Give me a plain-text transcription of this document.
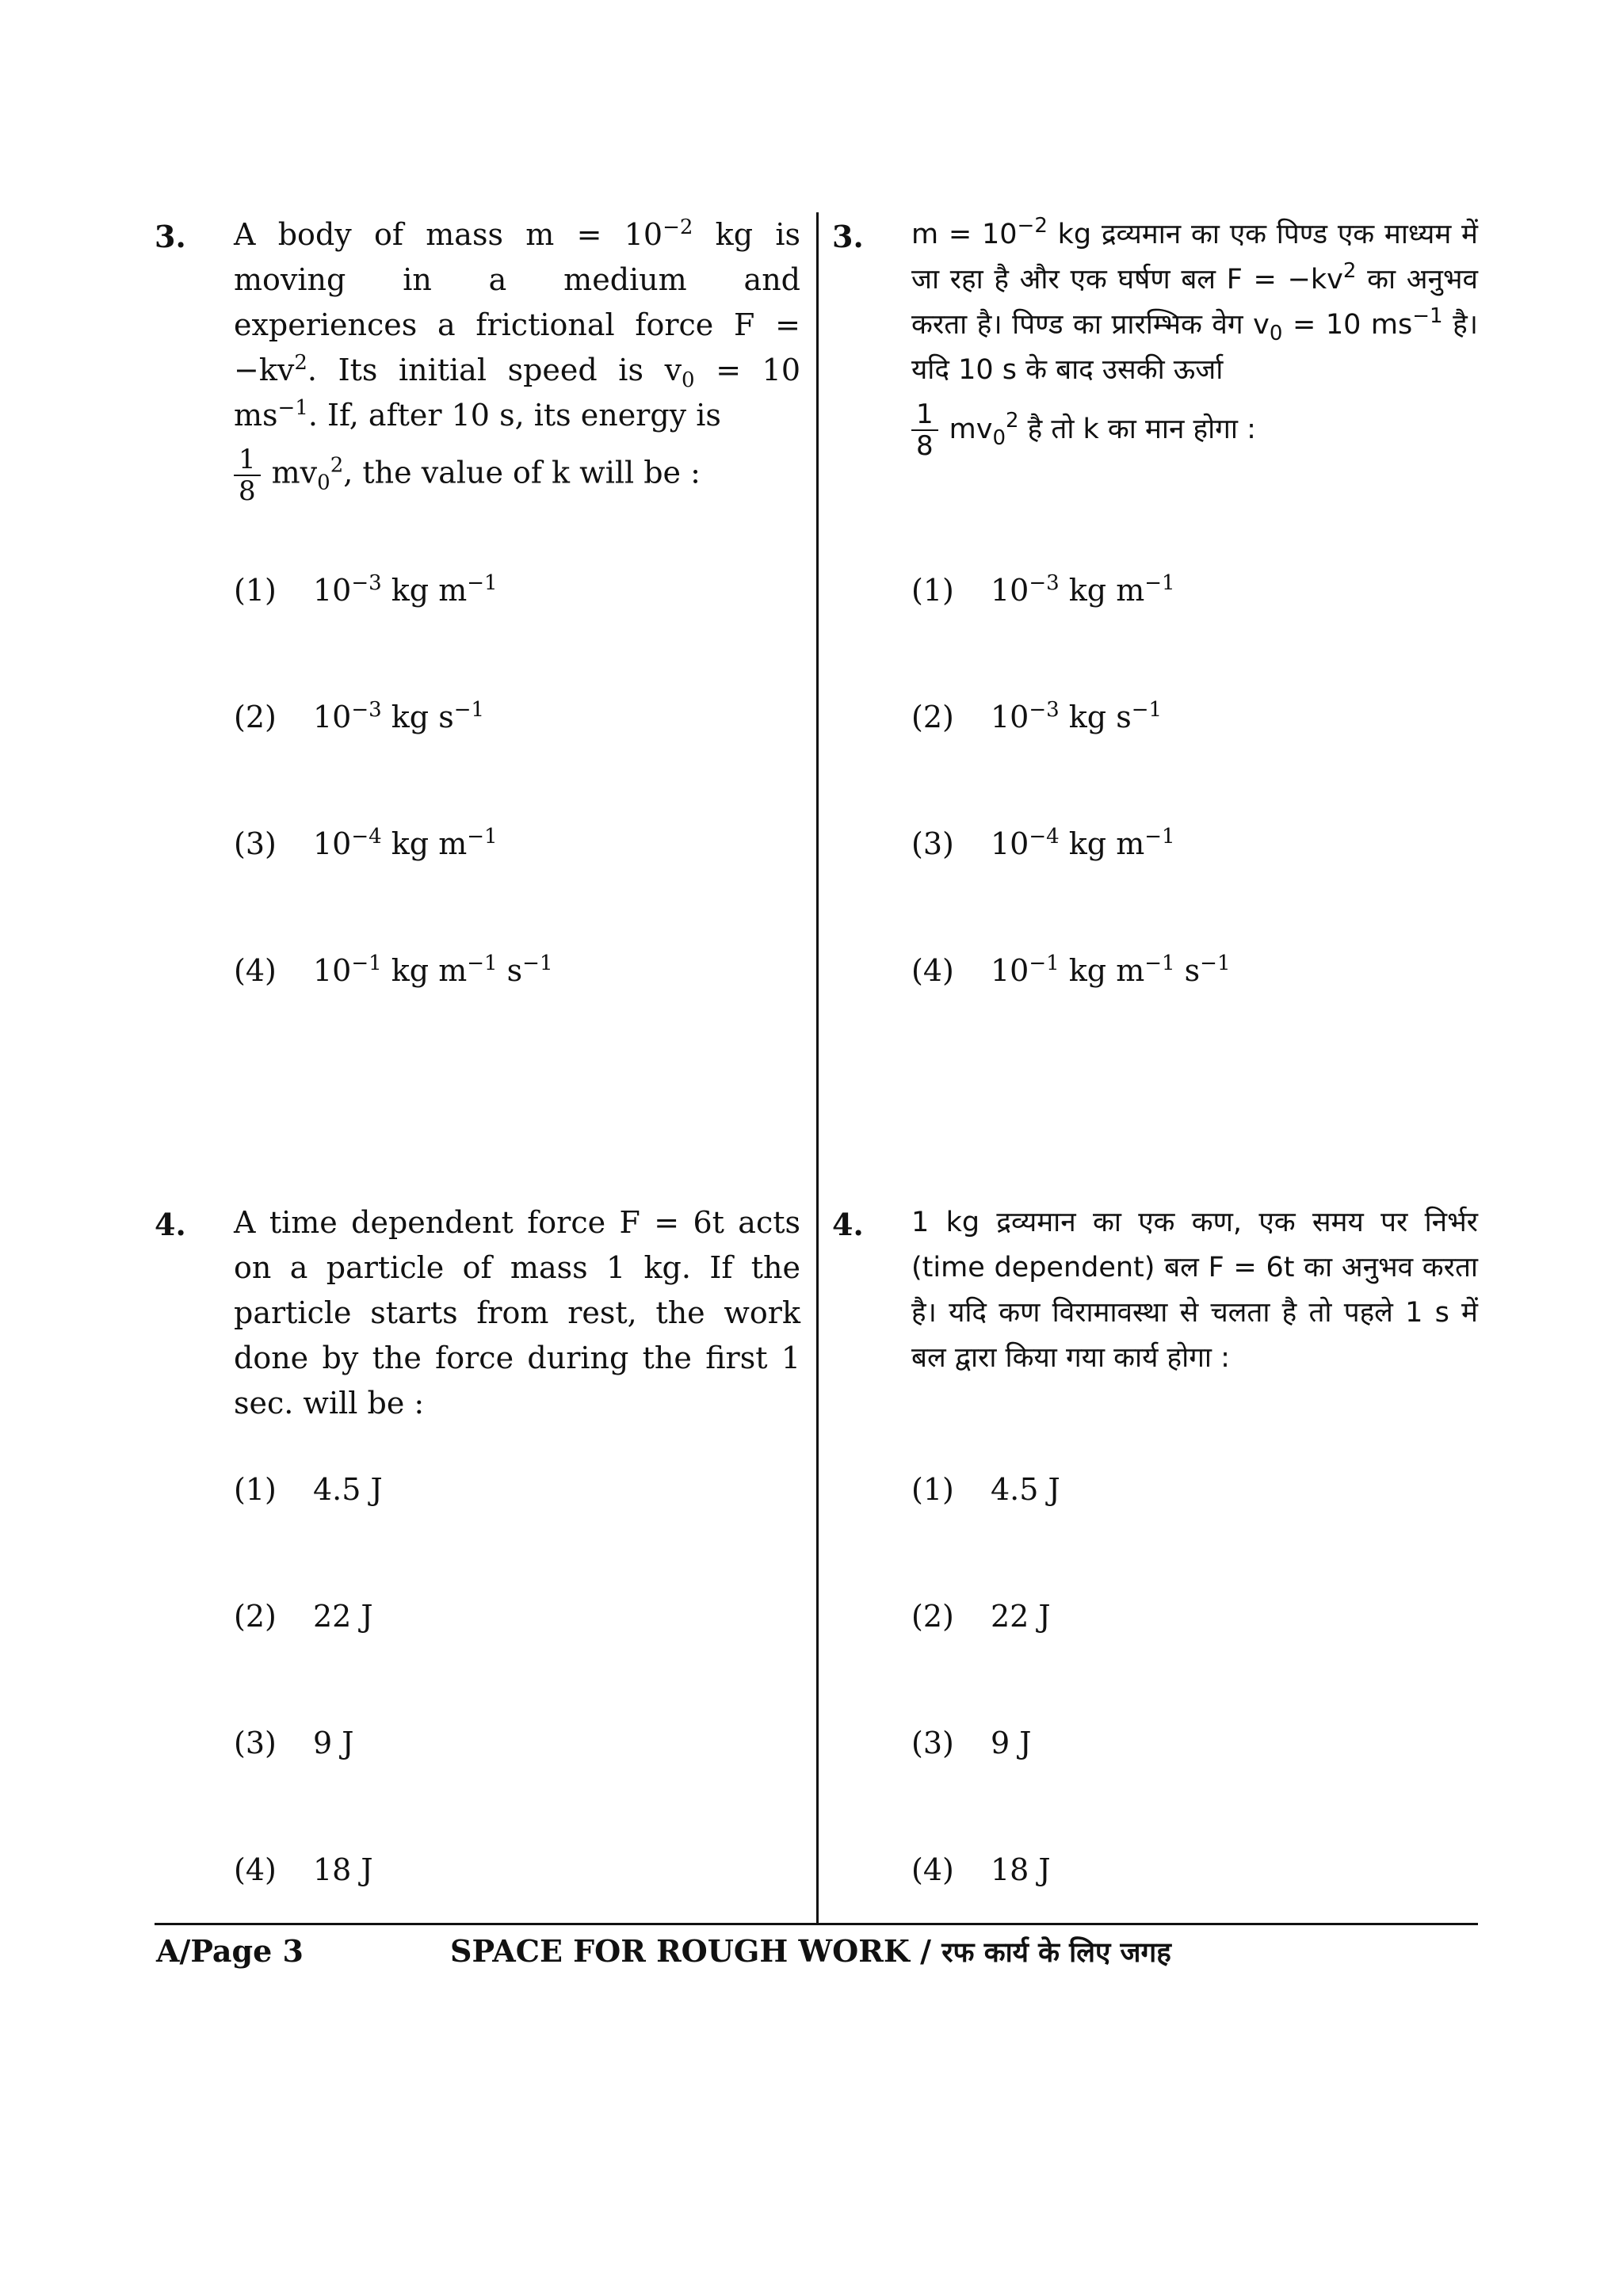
3. A body of mass $m = 10^{-2}$ kg is moving in a medium and experiences a frictional force $F = -kv^2$. Its initial speed is $v_0 = 10$ $ms^{-1}$. If, after 10 s, its energy is
$\frac{1}{8} mv_0^2$, the value of k will be :
(1) $10^{-3}$ kg $m^{-1}$
(2) $10^{-3}$ kg $s^{-1}$
(3) $10^{-4}$ kg $m^{-1}$
(4) $10^{-1}$ kg $m^{-1}$ $s^{-1}$
4. A time dependent force F = 6t acts on a particle of mass 1 kg. If the particle starts from rest, the work done by the force during the first 1 sec. will be :
(1) 4.5 J
(2) 22 J
(3) 9 J
(4) 18 J
3. $m = 10^{-2}$ kg द्रव्यमान का एक पिण्ड एक माध्यम में जा रहा है और एक घर्षण बल $F = -kv^2$ का अनुभव करता है। पिण्ड का प्रारम्भिक वेग $v_0 = 10$ $ms^{-1}$ है। यदि 10 s के बाद उसकी ऊर्जा
$\frac{1}{8} mv_0^2$ है तो k का मान होगा :
(1) $10^{-3}$ kg $m^{-1}$
(2) $10^{-3}$ kg $s^{-1}$
(3) $10^{-4}$ kg $m^{-1}$
(4) $10^{-1}$ kg $m^{-1}$ $s^{-1}$
4. 1 kg द्रव्यमान का एक कण, एक समय पर निर्भर (time dependent) बल F = 6t का अनुभव करता है। यदि कण विरामावस्था से चलता है तो पहले 1 s में बल द्वारा किया गया कार्य होगा :
(1) 4.5 J
(2) 22 J
(3) 9 J
(4) 18 J
A/Page 3	SPACE FOR ROUGH WORK / रफ कार्य के लिए जगह
